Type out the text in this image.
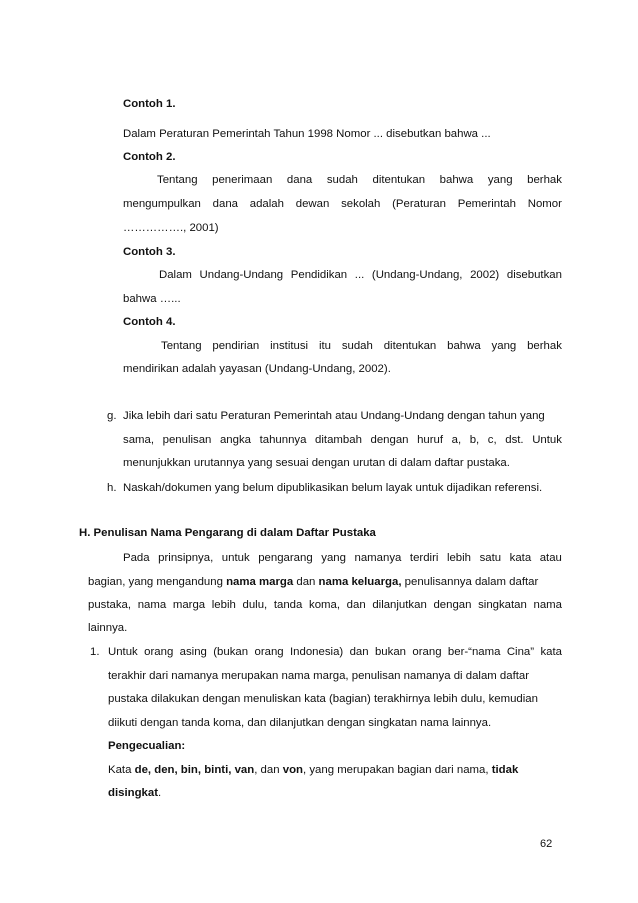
Contoh 1.
Dalam Peraturan Pemerintah Tahun 1998 Nomor ... disebutkan bahwa ...
Contoh 2.
Tentang penerimaan dana sudah ditentukan bahwa yang berhak
mengumpulkan dana adalah dewan sekolah (Peraturan Pemerintah Nomor
……………., 2001)
Contoh 3.
Dalam Undang-Undang Pendidikan ... (Undang-Undang, 2002) disebutkan
bahwa …...
Contoh 4.
Tentang pendirian institusi itu sudah ditentukan bahwa yang berhak
mendirikan adalah yayasan (Undang-Undang, 2002).
g. Jika lebih dari satu Peraturan Pemerintah atau Undang-Undang dengan tahun yang
sama, penulisan angka tahunnya ditambah dengan huruf a, b, c, dst. Untuk
menunjukkan urutannya yang sesuai dengan urutan di dalam daftar pustaka.
h. Naskah/dokumen yang belum dipublikasikan belum layak untuk dijadikan referensi.
H. Penulisan Nama Pengarang di dalam Daftar Pustaka
Pada prinsipnya, untuk pengarang yang namanya terdiri lebih satu kata atau
bagian, yang mengandung nama marga dan nama keluarga, penulisannya dalam daftar
pustaka, nama marga lebih dulu, tanda koma, dan dilanjutkan dengan singkatan nama
lainnya.
1. Untuk orang asing (bukan orang Indonesia) dan bukan orang ber-“nama Cina” kata
terakhir dari namanya merupakan nama marga, penulisan namanya di dalam daftar
pustaka dilakukan dengan menuliskan kata (bagian) terakhirnya lebih dulu, kemudian
diikuti dengan tanda koma, dan dilanjutkan dengan singkatan nama lainnya.
Pengecualian:
Kata de, den, bin, binti, van, dan von, yang merupakan bagian dari nama, tidak
disingkat.
62
